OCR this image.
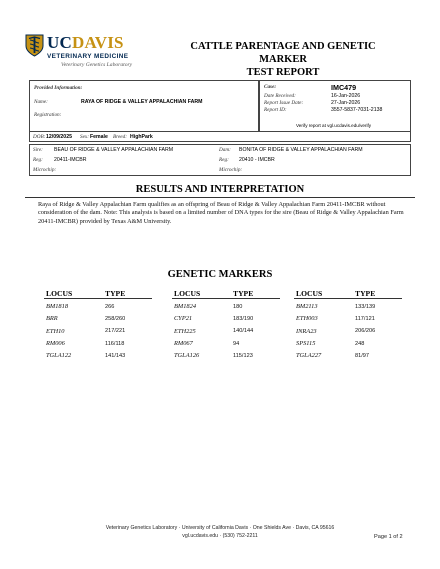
UCDAVIS
VETERINARY MEDICINE
Veterinary Genetics Laboratory
CATTLE PARENTAGE AND GENETIC MARKER
TEST REPORT
Provided Information:
Name:	RAYA OF RIDGE & VALLEY APPALACHIAN FARM
Registration:
Case:	IMC479
Date Received:	16-Jan-2026
Report Issue Date:	27-Jan-2026
Report ID:	3557-5837-7031-2138
Verify report at vgl.ucdavis.edu/verify
DOB: 12/09/2025 Sex: Female Breed: HighPark
Sire: BEAU OF RIDGE & VALLEY APPALACHIAN FARM
Reg: 20411-IMCBR
Microchip:
Dam: BONITA OF RIDGE & VALLEY APPALACHIAN FARM
Reg: 20410 - IMCBR
Microchip:
RESULTS AND INTERPRETATION
Raya of Ridge & Valley Appalachian Farm qualifies as an offspring of Beau of Ridge & Valley Appalachian Farm 20411-IMCBR without consideration of the dam. Note: This analysis is based on a limited number of DNA types for the sire (Beau of Ridge & Valley Appalachian Farm 20411-IMCBR) provided by Texas A&M University.
GENETIC MARKERS
LOCUS	TYPE
BM1818	266
BRR	258/260
ETH10	217/221
RM006	116/118
TGLA122	141/143
LOCUS	TYPE
BM1824	180
CYP21	183/190
ETH225	140/144
RM067	94
TGLA126	115/123
LOCUS	TYPE
BM2113	133/139
ETH003	117/121
INRA23	206/206
SPS115	248
TGLA227	81/97
Veterinary Genetics Laboratory · University of California Davis · One Shields Ave · Davis, CA 95616
vgl.ucdavis.edu · (530) 752-2211	Page 1 of 2
